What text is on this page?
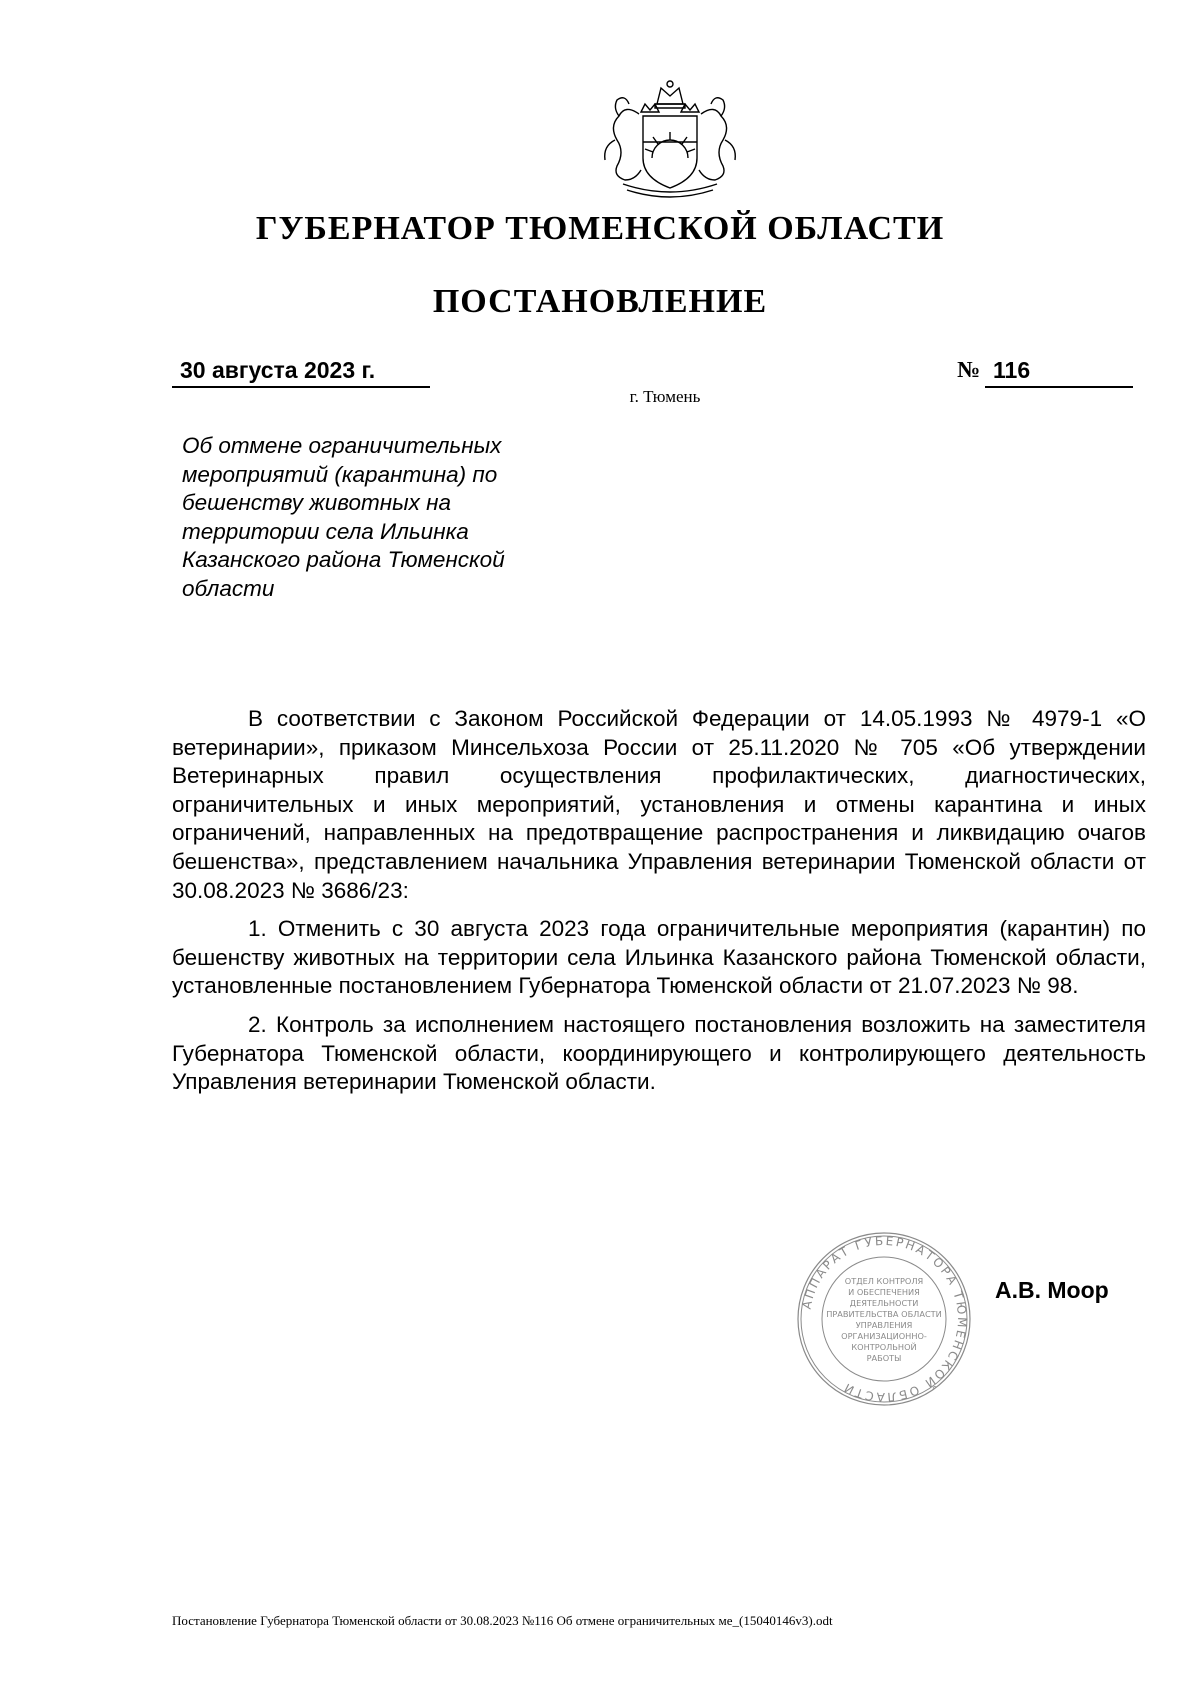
ГУБЕРНАТОР ТЮМЕНСКОЙ ОБЛАСТИ
ПОСТАНОВЛЕНИЕ
30 августа 2023 г.	№ 116
г. Тюмень
Об отмене ограничительных
мероприятий (карантина) по
бешенству животных на
территории села Ильинка
Казанского района Тюменской
области

В соответствии с Законом Российской Федерации от 14.05.1993 № 4979-1 «О ветеринарии», приказом Минсельхоза России от 25.11.2020 № 705 «Об утверждении Ветеринарных правил осуществления профилактических, диагностических, ограничительных и иных мероприятий, установления и отмены карантина и иных ограничений, направленных на предотвращение распространения и ликвидацию очагов бешенства», представлением начальника Управления ветеринарии Тюменской области от 30.08.2023 № 3686/23:

1. Отменить с 30 августа 2023 года ограничительные мероприятия (карантин) по бешенству животных на территории села Ильинка Казанского района Тюменской области, установленные постановлением Губернатора Тюменской области от 21.07.2023 № 98.

2. Контроль за исполнением настоящего постановления возложить на заместителя Губернатора Тюменской области, координирующего и контролирующего деятельность Управления ветеринарии Тюменской области.

АППАРАТ ГУБЕРНАТОРА ТЮМЕНСКОЙ ОБЛАСТИ
ОТДЕЛ КОНТРОЛЯ
И ОБЕСПЕЧЕНИЯ
ДЕЯТЕЛЬНОСТИ
ПРАВИТЕЛЬСТВА ОБЛАСТИ
УПРАВЛЕНИЯ
ОРГАНИЗАЦИОННО-
КОНТРОЛЬНОЙ
РАБОТЫ
А.В. Моор
Постановление Губернатора Тюменской области от 30.08.2023 №116 Об отмене ограничительных ме_(15040146v3).odt
